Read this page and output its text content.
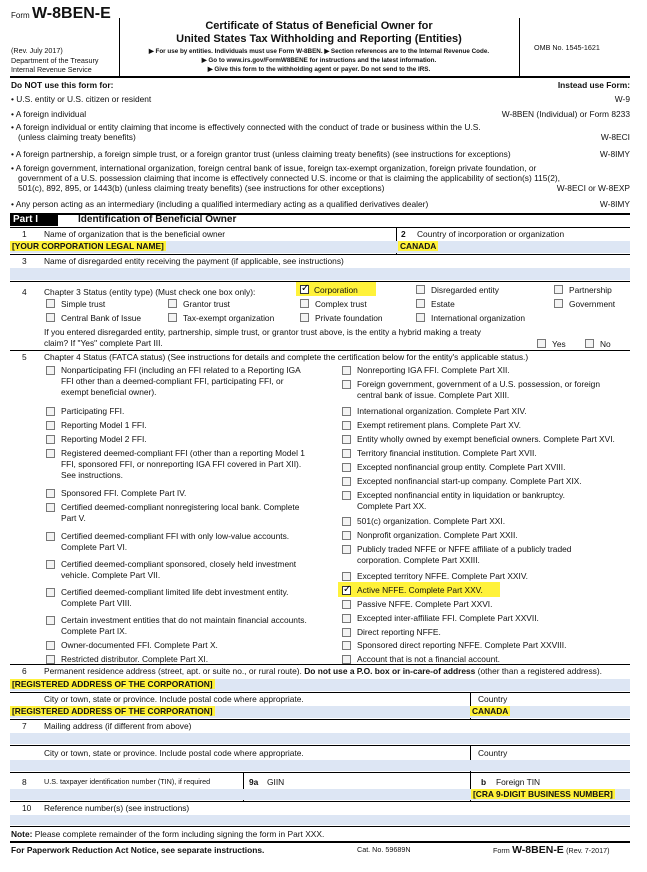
Form W-8BEN-E
(Rev. July 2017)
Department of the Treasury
Internal Revenue Service
Certificate of Status of Beneficial Owner for
United States Tax Withholding and Reporting (Entities)
▶ For use by entities. Individuals must use Form W-8BEN. ▶ Section references are to the Internal Revenue Code.
▶ Go to www.irs.gov/FormW8BENE for instructions and the latest information.
▶ Give this form to the withholding agent or payer. Do not send to the IRS.
OMB No. 1545-1621
Do NOT use this form for:	Instead use Form:
• U.S. entity or U.S. citizen or resident	W-9
• A foreign individual	W-8BEN (Individual) or Form 8233
• A foreign individual or entity claiming that income is effectively connected with the conduct of trade or business within the U.S.
(unless claiming treaty benefits)	W-8ECI
• A foreign partnership, a foreign simple trust, or a foreign grantor trust (unless claiming treaty benefits) (see instructions for exceptions)	W-8IMY
• A foreign government, international organization, foreign central bank of issue, foreign tax-exempt organization, foreign private foundation, or
government of a U.S. possession claiming that income is effectively connected U.S. income or that is claiming the applicability of section(s) 115(2),
501(c), 892, 895, or 1443(b) (unless claiming treaty benefits) (see instructions for other exceptions)	W-8ECI or W-8EXP
• Any person acting as an intermediary (including a qualified intermediary acting as a qualified derivatives dealer)	W-8IMY
Part I	Identification of Beneficial Owner
1 Name of organization that is the beneficial owner	2 Country of incorporation or organization
[YOUR CORPORATION LEGAL NAME]	CANADA
3 Name of disregarded entity receiving the payment (if applicable, see instructions)
4 Chapter 3 Status (entity type) (Must check one box only):
✓	Corporation	Disregarded entity	Partnership
Simple trust	Grantor trust	Complex trust	Estate	Government
Central Bank of Issue	Tax-exempt organization	Private foundation	International organization
If you entered disregarded entity, partnership, simple trust, or grantor trust above, is the entity a hybrid making a treaty
claim? If "Yes" complete Part III.	Yes	No
5 Chapter 4 Status (FATCA status) (See instructions for details and complete the certification below for the entity's applicable status.)
6 Permanent residence address (street, apt. or suite no., or rural route). Do not use a P.O. box or in-care-of address (other than a registered address).
[REGISTERED ADDRESS OF THE CORPORATION]
City or town, state or province. Include postal code where appropriate.	Country
[REGISTERED ADDRESS OF THE CORPORATION]	CANADA
7 Mailing address (if different from above)
City or town, state or province. Include postal code where appropriate.	Country
8 U.S. taxpayer identification number (TIN), if required	9a GIIN	b Foreign TIN
[CRA 9-DIGIT BUSINESS NUMBER]
10 Reference number(s) (see instructions)
Note: Please complete remainder of the form including signing the form in Part XXX.
For Paperwork Reduction Act Notice, see separate instructions.	Cat. No. 59689N	Form W-8BEN-E (Rev. 7-2017)
Nonparticipating FFI (including an FFI related to a Reporting IGA
FFI other than a deemed-compliant FFI, participating FFI, or
exempt beneficial owner).
Participating FFI.
Reporting Model 1 FFI.
Reporting Model 2 FFI.
Registered deemed-compliant FFI (other than a reporting Model 1
FFI, sponsored FFI, or nonreporting IGA FFI covered in Part XII).
See instructions.
Sponsored FFI. Complete Part IV.
Certified deemed-compliant nonregistering local bank. Complete
Part V.
Certified deemed-compliant FFI with only low-value accounts.
Complete Part VI.
Certified deemed-compliant sponsored, closely held investment
vehicle. Complete Part VII.
Certified deemed-compliant limited life debt investment entity.
Complete Part VIII.
Certain investment entities that do not maintain financial accounts.
Complete Part IX.
Owner-documented FFI. Complete Part X.
Restricted distributor. Complete Part XI.
Nonreporting IGA FFI. Complete Part XII.
Foreign government, government of a U.S. possession, or foreign
central bank of issue. Complete Part XIII.
International organization. Complete Part XIV.
Exempt retirement plans. Complete Part XV.
Entity wholly owned by exempt beneficial owners. Complete Part XVI.
Territory financial institution. Complete Part XVII.
Excepted nonfinancial group entity. Complete Part XVIII.
Excepted nonfinancial start-up company. Complete Part XIX.
Excepted nonfinancial entity in liquidation or bankruptcy.
Complete Part XX.
501(c) organization. Complete Part XXI.
Nonprofit organization. Complete Part XXII.
Publicly traded NFFE or NFFE affiliate of a publicly traded
corporation. Complete Part XXIII.
Excepted territory NFFE. Complete Part XXIV.
✓
Active NFFE. Complete Part XXV.
Passive NFFE. Complete Part XXVI.
Excepted inter-affiliate FFI. Complete Part XXVII.
Direct reporting NFFE.
Sponsored direct reporting NFFE. Complete Part XXVIII.
Account that is not a financial account.
